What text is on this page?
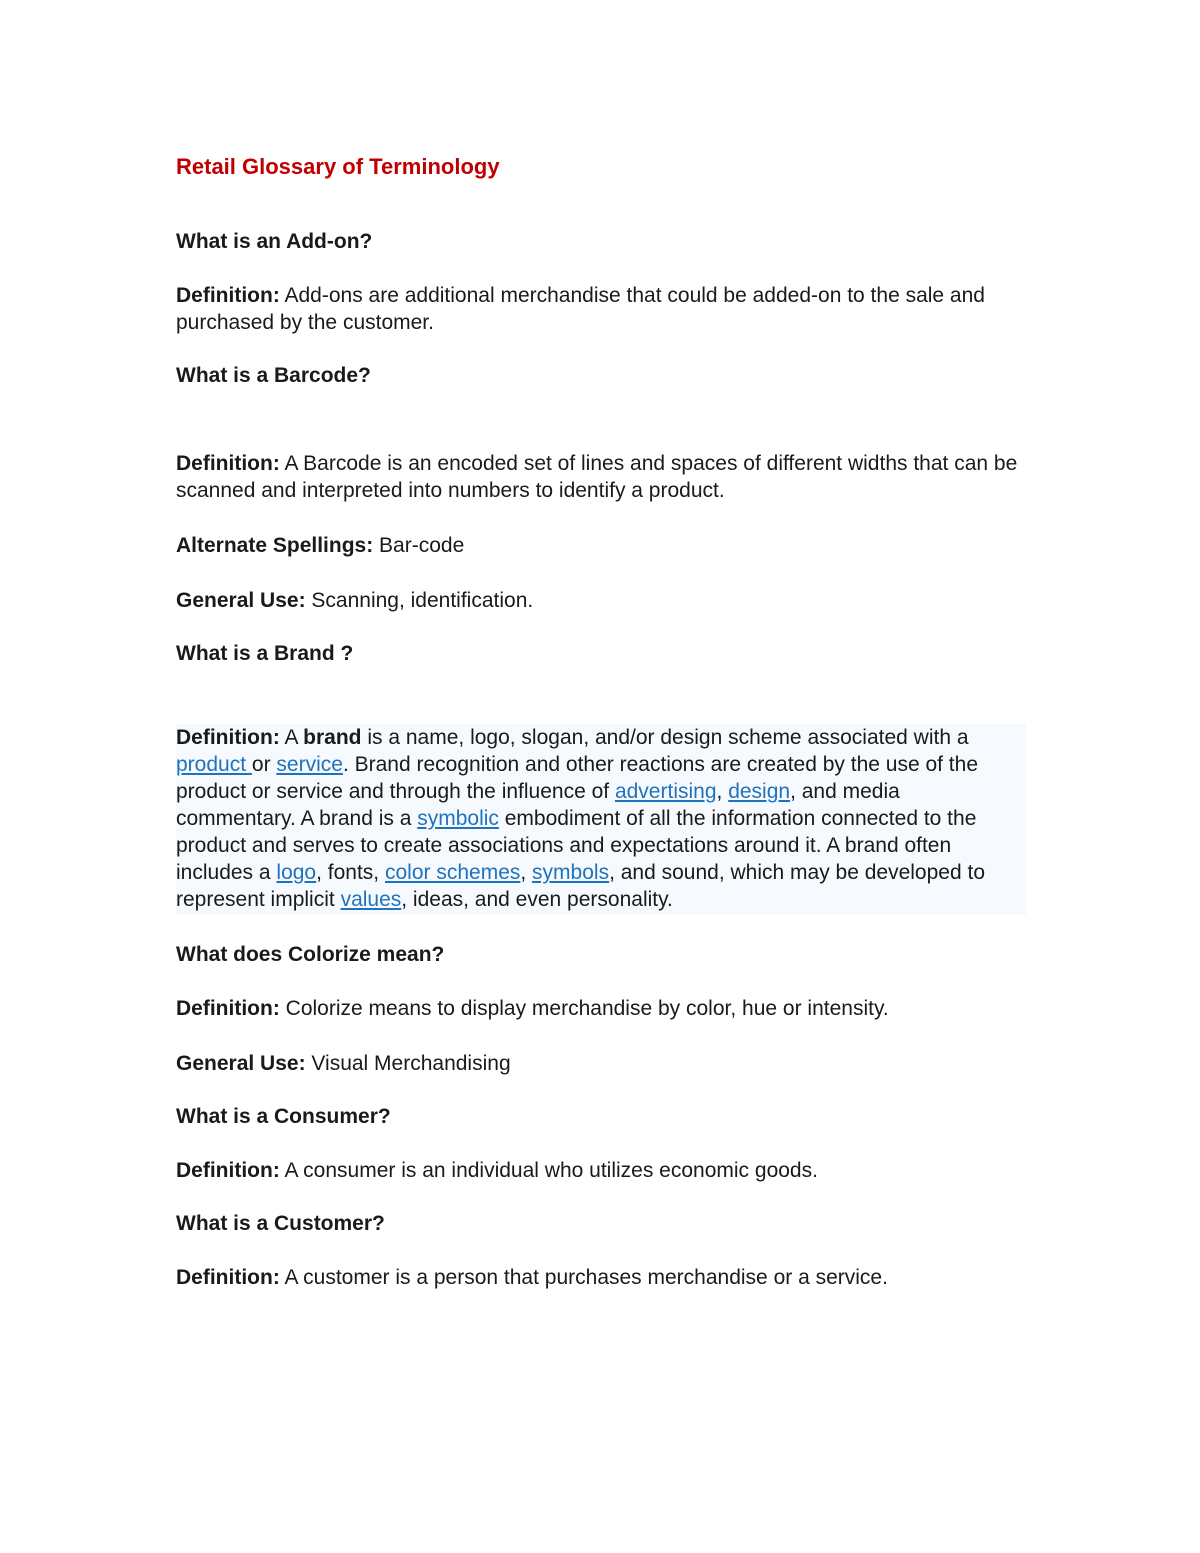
Retail Glossary of Terminology

What is an Add-on?

Definition: Add-ons are additional merchandise that could be added-on to the sale and purchased by the customer.

What is a Barcode?

Definition: A Barcode is an encoded set of lines and spaces of different widths that can be scanned and interpreted into numbers to identify a product.

Alternate Spellings: Bar-code

General Use: Scanning, identification.

What is a Brand ?

Definition: A brand is a name, logo, slogan, and/or design scheme associated with a product or service. Brand recognition and other reactions are created by the use of the product or service and through the influence of advertising, design, and media commentary. A brand is a symbolic embodiment of all the information connected to the product and serves to create associations and expectations around it. A brand often includes a logo, fonts, color schemes, symbols, and sound, which may be developed to represent implicit values, ideas, and even personality.

What does Colorize mean?

Definition: Colorize means to display merchandise by color, hue or intensity.

General Use: Visual Merchandising

What is a Consumer?

Definition: A consumer is an individual who utilizes economic goods.

What is a Customer?

Definition: A customer is a person that purchases merchandise or a service.
